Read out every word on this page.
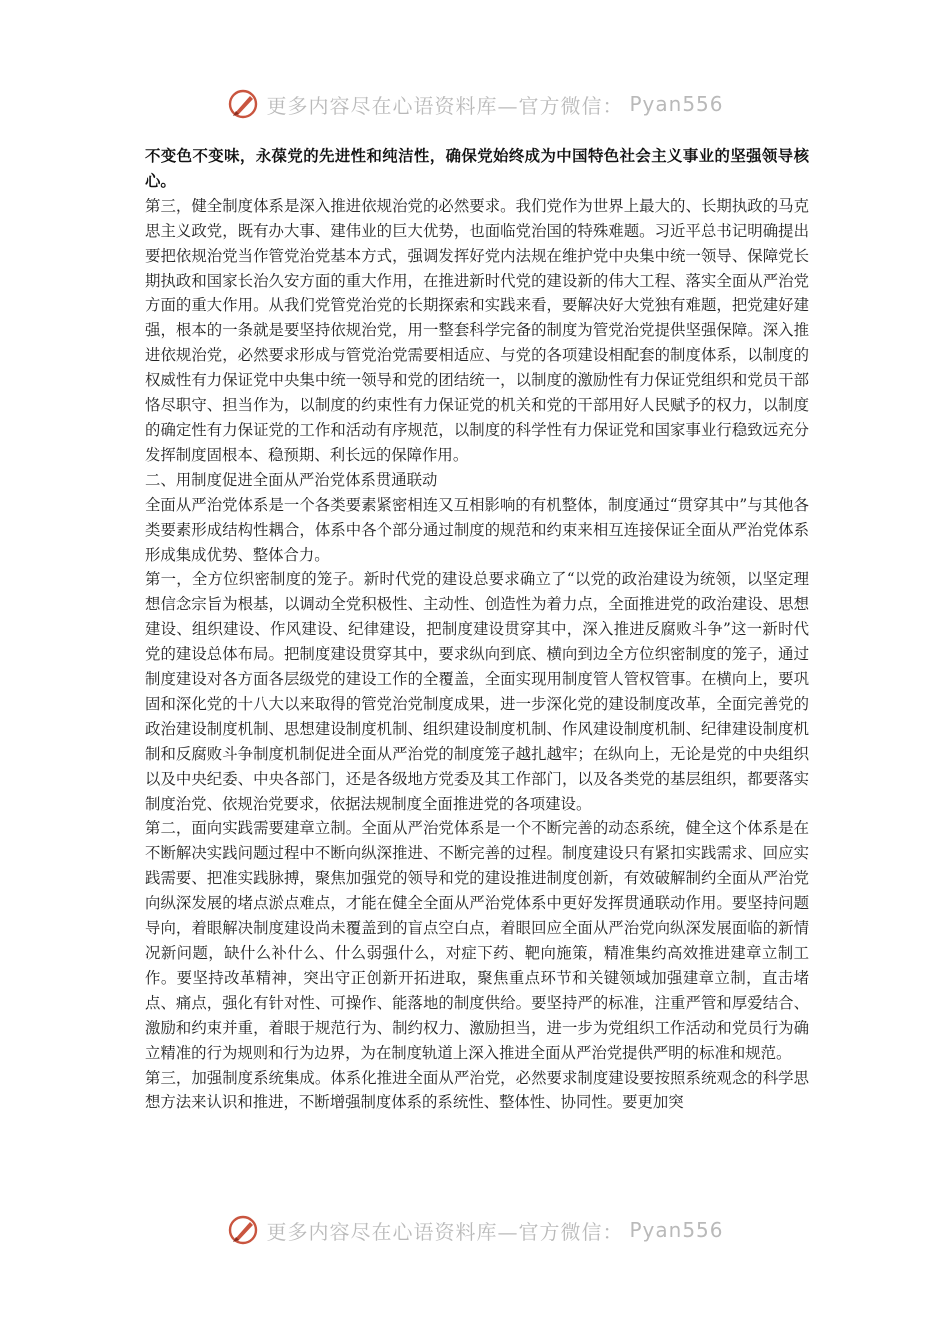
更多内容尽在心语资料库—官方微信： Pyan556

不变色不变味，永葆党的先进性和纯洁性，确保党始终成为中国特色社会主义事业的坚强领导核心。

第三，健全制度体系是深入推进依规治党的必然要求。我们党作为世界上最大的、长期执政的马克思主义政党，既有办大事、建伟业的巨大优势，也面临党治国的特殊难题。习近平总书记明确提出要把依规治党当作管党治党基本方式，强调发挥好党内法规在维护党中央集中统一领导、保障党长期执政和国家长治久安方面的重大作用，在推进新时代党的建设新的伟大工程、落实全面从严治党方面的重大作用。从我们党管党治党的长期探索和实践来看，要解决好大党独有难题，把党建好建强，根本的一条就是要坚持依规治党，用一整套科学完备的制度为管党治党提供坚强保障。深入推进依规治党，必然要求形成与管党治党需要相适应、与党的各项建设相配套的制度体系，以制度的权威性有力保证党中央集中统一领导和党的团结统一，以制度的激励性有力保证党组织和党员干部恪尽职守、担当作为，以制度的约束性有力保证党的机关和党的干部用好人民赋予的权力，以制度的确定性有力保证党的工作和活动有序规范，以制度的科学性有力保证党和国家事业行稳致远充分发挥制度固根本、稳预期、利长远的保障作用。

二、用制度促进全面从严治党体系贯通联动

全面从严治党体系是一个各类要素紧密相连又互相影响的有机整体，制度通过“贯穿其中”与其他各类要素形成结构性耦合，体系中各个部分通过制度的规范和约束来相互连接保证全面从严治党体系形成集成优势、整体合力。

第一，全方位织密制度的笼子。新时代党的建设总要求确立了“以党的政治建设为统领，以坚定理想信念宗旨为根基，以调动全党积极性、主动性、创造性为着力点，全面推进党的政治建设、思想建设、组织建设、作风建设、纪律建设，把制度建设贯穿其中，深入推进反腐败斗争”这一新时代党的建设总体布局。把制度建设贯穿其中，要求纵向到底、横向到边全方位织密制度的笼子，通过制度建设对各方面各层级党的建设工作的全覆盖，全面实现用制度管人管权管事。在横向上，要巩固和深化党的十八大以来取得的管党治党制度成果，进一步深化党的建设制度改革，全面完善党的政治建设制度机制、思想建设制度机制、组织建设制度机制、作风建设制度机制、纪律建设制度机制和反腐败斗争制度机制促进全面从严治党的制度笼子越扎越牢；在纵向上，无论是党的中央组织以及中央纪委、中央各部门，还是各级地方党委及其工作部门，以及各类党的基层组织，都要落实制度治党、依规治党要求，依据法规制度全面推进党的各项建设。

第二，面向实践需要建章立制。全面从严治党体系是一个不断完善的动态系统，健全这个体系是在不断解决实践问题过程中不断向纵深推进、不断完善的过程。制度建设只有紧扣实践需求、回应实践需要、把准实践脉搏，聚焦加强党的领导和党的建设推进制度创新，有效破解制约全面从严治党向纵深发展的堵点淤点难点，才能在健全全面从严治党体系中更好发挥贯通联动作用。要坚持问题导向，着眼解决制度建设尚未覆盖到的盲点空白点，着眼回应全面从严治党向纵深发展面临的新情况新问题，缺什么补什么、什么弱强什么，对症下药、靶向施策，精准集约高效推进建章立制工作。要坚持改革精神，突出守正创新开拓进取，聚焦重点环节和关键领域加强建章立制，直击堵点、痛点，强化有针对性、可操作、能落地的制度供给。要坚持严的标准，注重严管和厚爱结合、激励和约束并重，着眼于规范行为、制约权力、激励担当，进一步为党组织工作活动和党员行为确立精准的行为规则和行为边界，为在制度轨道上深入推进全面从严治党提供严明的标准和规范。

第三，加强制度系统集成。体系化推进全面从严治党，必然要求制度建设要按照系统观念的科学思想方法来认识和推进，不断增强制度体系的系统性、整体性、协同性。要更加突

更多内容尽在心语资料库—官方微信： Pyan556
